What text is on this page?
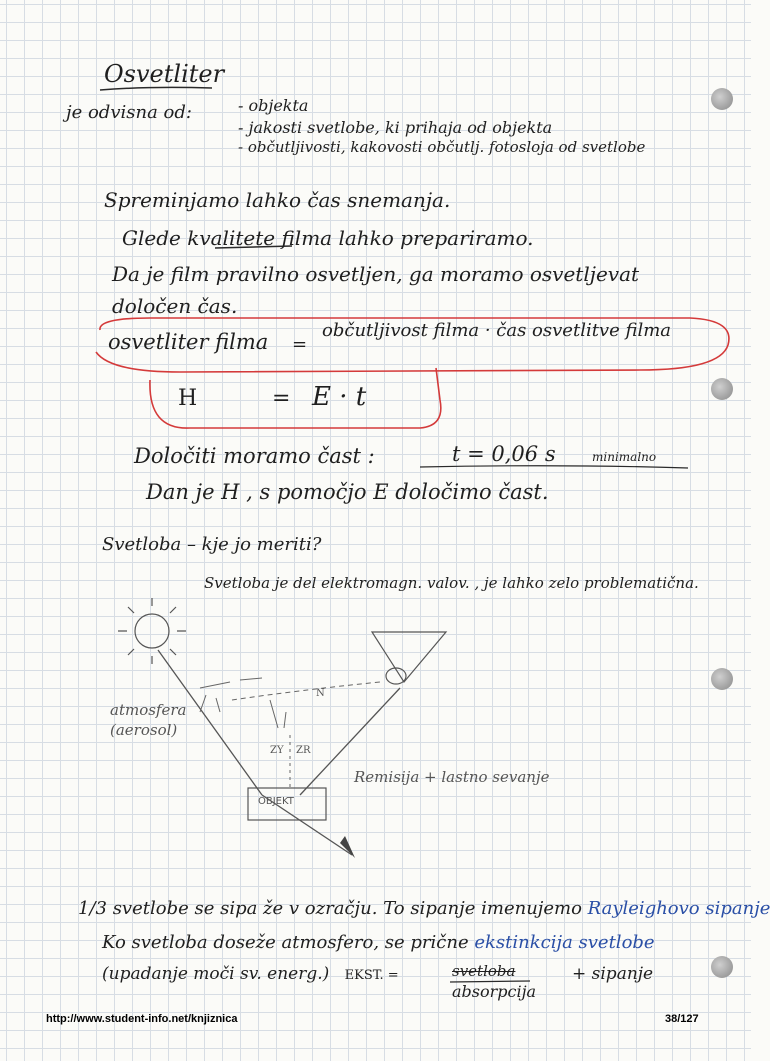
Osvetliter
je odvisna od:	- objekta
- jakosti svetlobe, ki prihaja od objekta
- občutljivosti, kakovosti občutlj. fotosloja od svetlobe
Spreminjamo lahko čas snemanja.
Glede kvalitete filma lahko prepariramo.
Da je film pravilno osvetljen, ga moramo osvetljevat
določen čas.
osvetliter filma =
občutljivost filma · čas osvetlitve filma
H	= E · t
Določiti moramo čast :	t = 0,06 s	minimalno
Dan je H , s pomočjo E določimo čast.
Svetloba – kje jo meriti?
Svetloba je del elektromagn. valov. , je lahko zelo problematična.
atmosfera (aerosol)
N
ZY ZR
OBJEKT
Remisija + lastno sevanje
1/3 svetlobe se sipa že v ozračju. To sipanje imenujemo Rayleighovo sipanje
Ko svetloba doseže atmosfero, se prične ekstinkcija svetlobe
(upadanje moči sv. energ.) EKST. =	svetloba
absorpcija
+ sipanje
http://www.student-info.net/knjiznica	38/127
